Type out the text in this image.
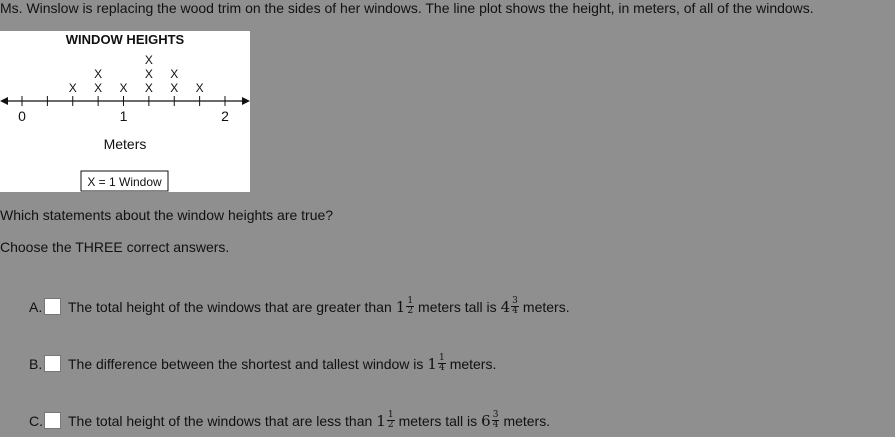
Ms. Winslow is replacing the wood trim on the sides of her windows. The line plot shows the height, in meters, of all of the windows.
WINDOW HEIGHTS
0	1	2
X X
X
X X
X
X
X
X
X
Meters
X = 1 Window
Which statements about the window heights are true?
Choose the THREE correct answers.
A. The total height of the windows that are greater than $1 \frac{1}{2}$ meters tall is $4 \frac{3}{4}$ meters.
B. The difference between the shortest and tallest window is $1 \frac{1}{4}$ meters.
C. The total height of the windows that are less than $1 \frac{1}{2}$ meters tall is $6 \frac{3}{4}$ meters.
